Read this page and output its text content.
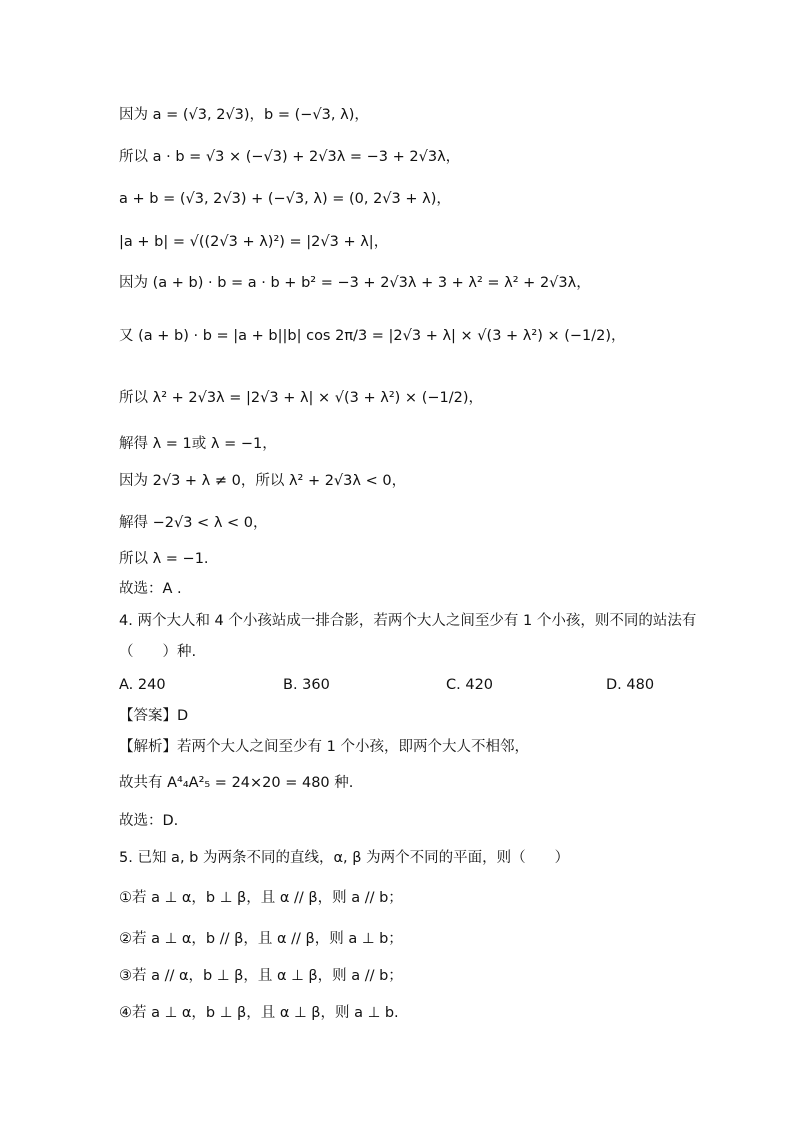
因为 a = (√3, 2√3)，b = (−√3, λ)，
所以 a · b = √3 × (−√3) + 2√3λ = −3 + 2√3λ，
a + b = (√3, 2√3) + (−√3, λ) = (0, 2√3 + λ)，
|a + b| = √((2√3 + λ)²) = |2√3 + λ|，
因为 (a + b) · b = a · b + b² = −3 + 2√3λ + 3 + λ² = λ² + 2√3λ，
又 (a + b) · b = |a + b||b| cos 2π/3 = |2√3 + λ| × √(3 + λ²) × (−1/2)，
所以 λ² + 2√3λ = |2√3 + λ| × √(3 + λ²) × (−1/2)，
解得 λ = 1或 λ = −1，
因为 2√3 + λ ≠ 0，所以 λ² + 2√3λ < 0，
解得 −2√3 < λ < 0，
所以 λ = −1.
故选：A .
4. 两个大人和 4 个小孩站成一排合影，若两个大人之间至少有 1 个小孩，则不同的站法有
（　　）种.
A. 240	B. 360	C. 420	D. 480
【答案】D
【解析】若两个大人之间至少有 1 个小孩，即两个大人不相邻，
故共有 A⁴₄A²₅ = 24×20 = 480 种.
故选：D.
5. 已知 a, b 为两条不同的直线，α, β 为两个不同的平面，则（　　）
①若 a ⊥ α，b ⊥ β，且 α // β，则 a // b；
②若 a ⊥ α，b // β，且 α // β，则 a ⊥ b；
③若 a // α，b ⊥ β，且 α ⊥ β，则 a // b；
④若 a ⊥ α，b ⊥ β，且 α ⊥ β，则 a ⊥ b.
